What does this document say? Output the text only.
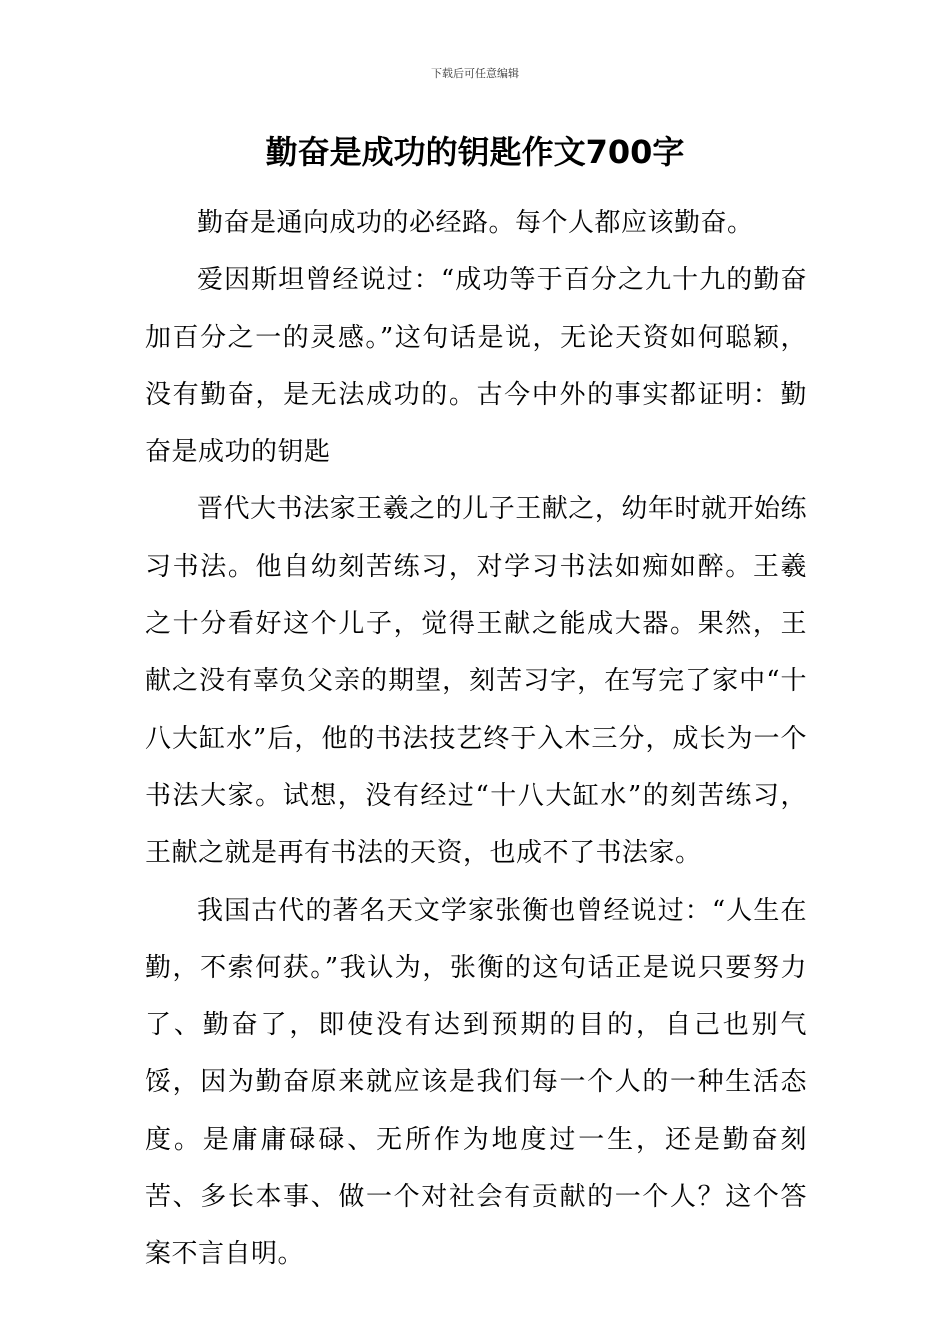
下载后可任意编辑
勤奋是成功的钥匙作文700字

勤奋是通向成功的必经路。每个人都应该勤奋。

爱因斯坦曾经说过：“成功等于百分之九十九的勤奋加百分之一的灵感。”这句话是说，无论天资如何聪颖，没有勤奋，是无法成功的。古今中外的事实都证明：勤奋是成功的钥匙

晋代大书法家王羲之的儿子王献之，幼年时就开始练习书法。他自幼刻苦练习，对学习书法如痴如醉。王羲之十分看好这个儿子，觉得王献之能成大器。果然，王献之没有辜负父亲的期望，刻苦习字，在写完了家中“十八大缸水”后，他的书法技艺终于入木三分，成长为一个书法大家。试想，没有经过“十八大缸水”的刻苦练习，王献之就是再有书法的天资，也成不了书法家。

我国古代的著名天文学家张衡也曾经说过：“人生在勤，不索何获。”我认为，张衡的这句话正是说只要努力了、勤奋了，即使没有达到预期的目的，自己也别气馁，因为勤奋原来就应该是我们每一个人的一种生活态度。是庸庸碌碌、无所作为地度过一生，还是勤奋刻苦、多长本事、做一个对社会有贡献的一个人？这个答案不言自明。
